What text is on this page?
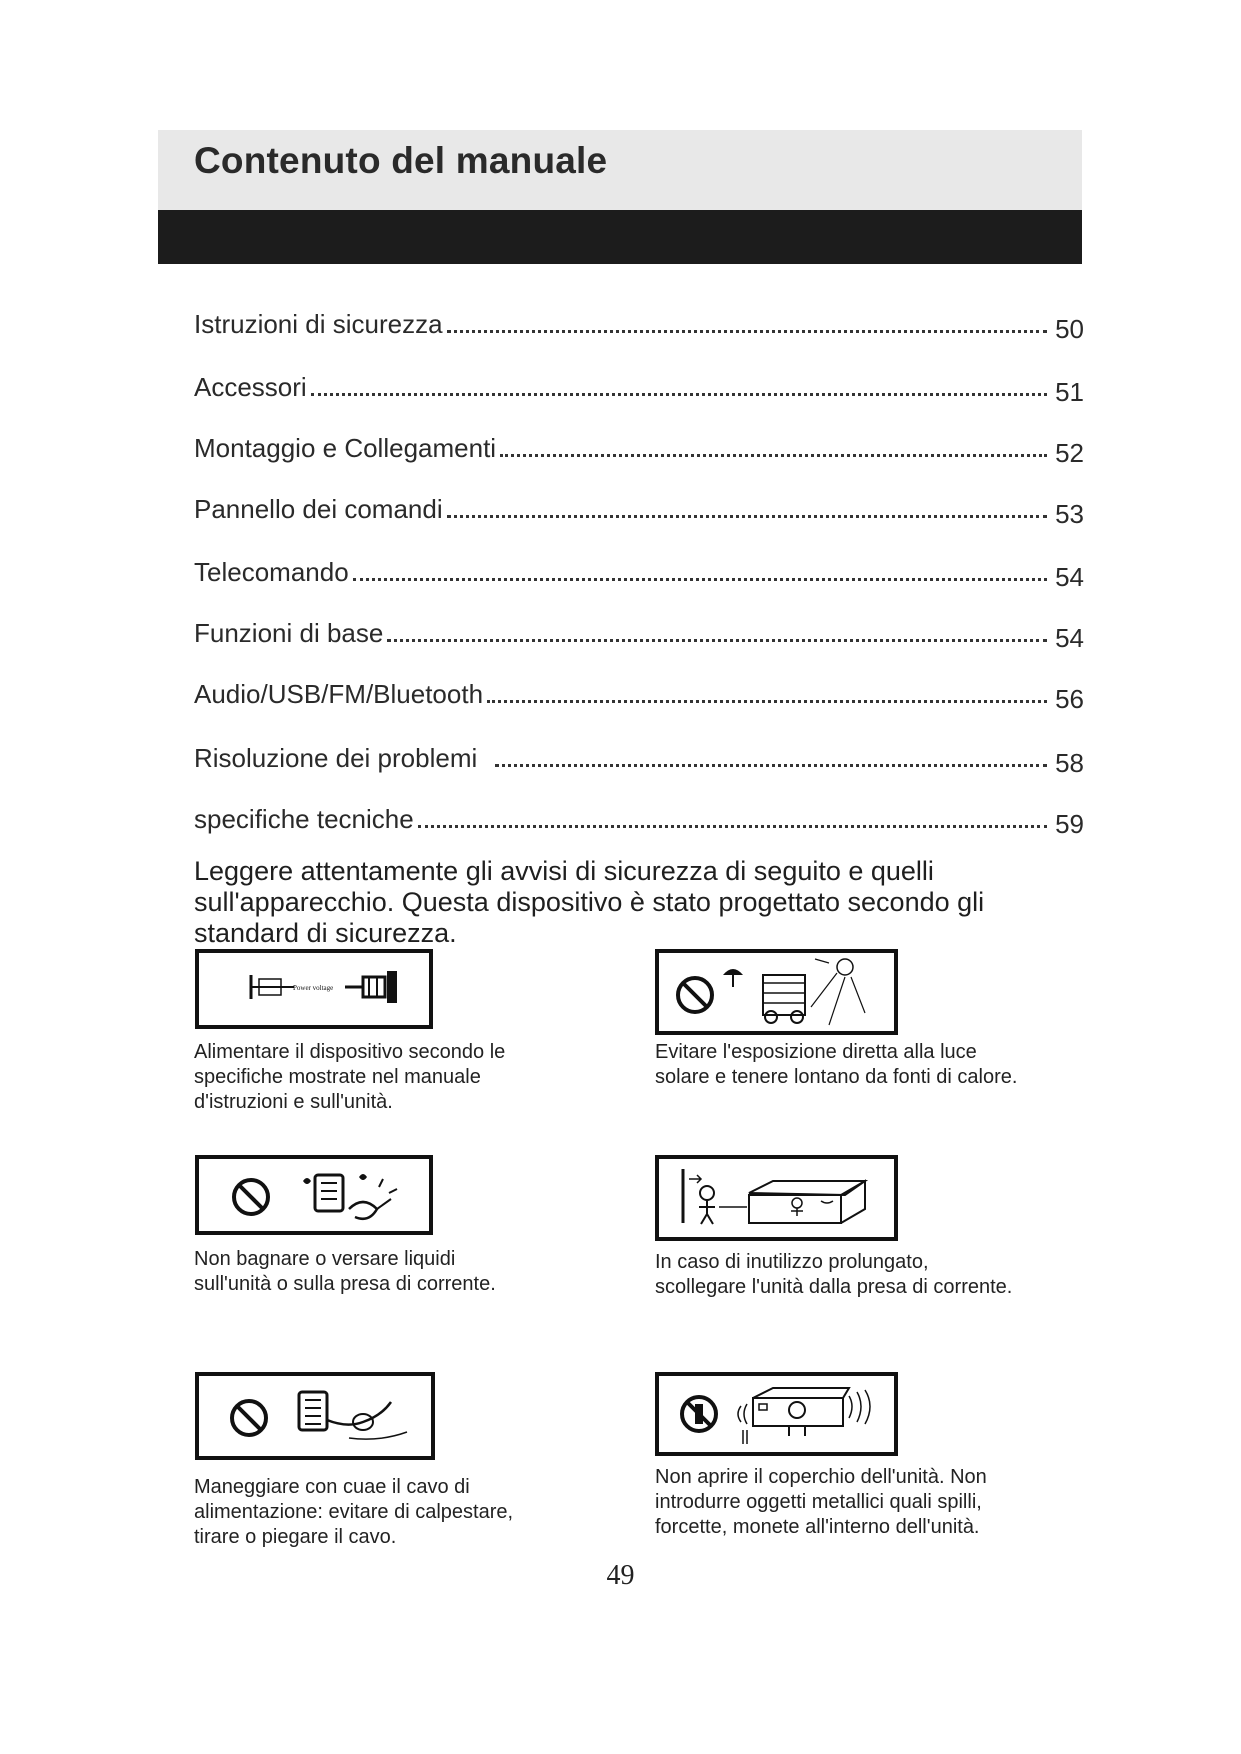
Contenuto del manuale
Istruzioni di sicurezza	50
Accessori	51
Montaggio e Collegamenti	52
Pannello dei comandi	53
Telecomando	54
Funzioni di base	54
Audio/USB/FM/Bluetooth	56
Risoluzione dei problemi	58
specifiche tecniche	59

Leggere attentamente gli avvisi di sicurezza di seguito e quelli
sull'apparecchio. Questa dispositivo è stato progettato secondo gli
standard di sicurezza.

Power voltage

Alimentare il dispositivo secondo le
specifiche mostrate nel manuale
d'istruzioni e sull'unità.

Evitare l'esposizione diretta alla luce
solare e tenere lontano da fonti di calore.

Non bagnare o versare liquidi
sull'unità o sulla presa di corrente.

In caso di inutilizzo prolungato,
scollegare l'unità dalla presa di corrente.

Maneggiare con cuae il cavo di
alimentazione: evitare di calpestare,
tirare o piegare il cavo.

Non aprire il coperchio dell'unità. Non
introdurre oggetti metallici quali spilli,
forcette, monete all'interno dell'unità.

49
